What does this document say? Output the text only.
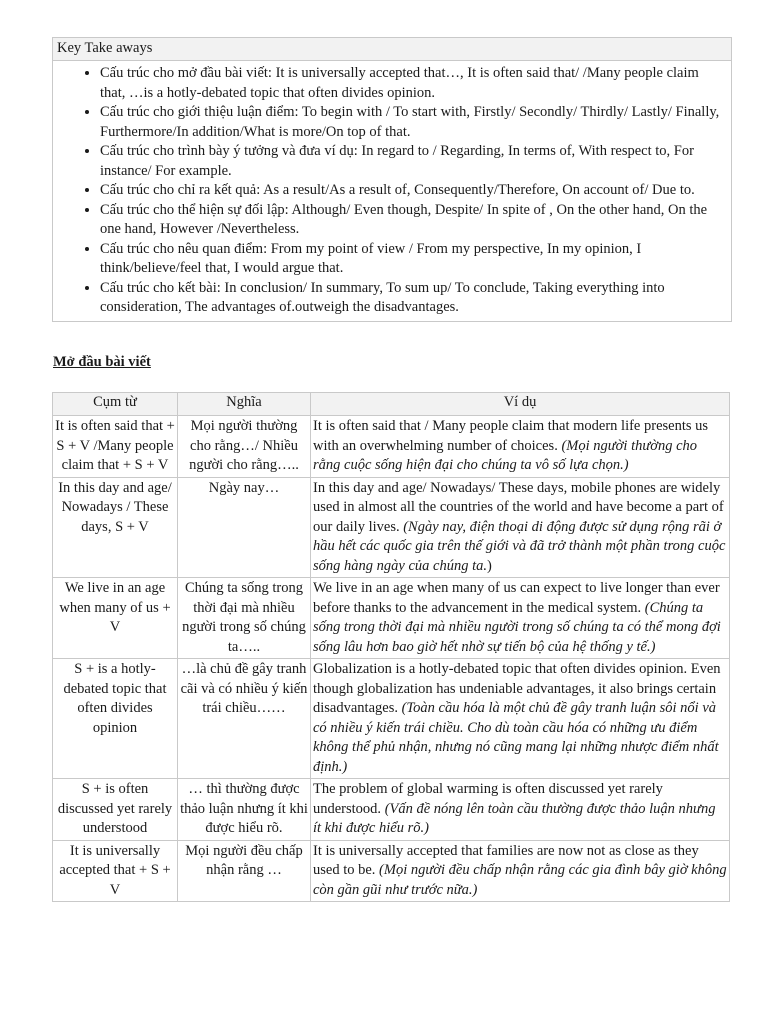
Key Take aways
• Cấu trúc cho mở đầu bài viết: It is universally accepted that…, It is often said that/ /Many people claim that, …is a hotly-debated topic that often divides opinion.
• Cấu trúc cho giới thiệu luận điểm: To begin with / To start with, Firstly/ Secondly/ Thirdly/ Lastly/ Finally, Furthermore/In addition/What is more/On top of that.
• Cấu trúc cho trình bày ý tưởng và đưa ví dụ: In regard to / Regarding, In terms of, With respect to, For instance/ For example.
• Cấu trúc cho chỉ ra kết quả: As a result/As a result of, Consequently/Therefore, On account of/ Due to.
• Cấu trúc cho thể hiện sự đối lập: Although/ Even though, Despite/ In spite of , On the other hand, On the one hand, However /Nevertheless.
• Cấu trúc cho nêu quan điểm: From my point of view / From my perspective, In my opinion, I think/believe/feel that, I would argue that.
• Cấu trúc cho kết bài: In conclusion/ In summary, To sum up/ To conclude, Taking everything into consideration, The advantages of.outweigh the disadvantages.
Mở đầu bài viết
Cụm từ	Nghĩa	Ví dụ
It is often said that + S + V /Many people claim that + S + V	Mọi người thường cho rằng…/ Nhiều người cho rằng…..	It is often said that / Many people claim that modern life presents us with an overwhelming number of choices. (Mọi người thường cho rằng cuộc sống hiện đại cho chúng ta vô số lựa chọn.)
In this day and age/ Nowadays / These days, S + V	Ngày nay…	In this day and age/ Nowadays/ These days, mobile phones are widely used in almost all the countries of the world and have become a part of our daily lives. (Ngày nay, điện thoại di động được sử dụng rộng rãi ở hầu hết các quốc gia trên thế giới và đã trở thành một phần trong cuộc sống hàng ngày của chúng ta.)
We live in an age when many of us + V	Chúng ta sống trong thời đại mà nhiều người trong số chúng ta…..	We live in an age when many of us can expect to live longer than ever before thanks to the advancement in the medical system. (Chúng ta sống trong thời đại mà nhiều người trong số chúng ta có thể mong đợi sống lâu hơn bao giờ hết nhờ sự tiến bộ của hệ thống y tế.)
S + is a hotly-debated topic that often divides opinion	…là chủ đề gây tranh cãi và có nhiều ý kiến trái chiều……	Globalization is a hotly-debated topic that often divides opinion. Even though globalization has undeniable advantages, it also brings certain disadvantages. (Toàn cầu hóa là một chủ đề gây tranh luận sôi nổi và có nhiều ý kiến trái chiều. Cho dù toàn cầu hóa có những ưu điểm không thể phủ nhận, nhưng nó cũng mang lại những nhược điểm nhất định.)
S + is often discussed yet rarely understood	… thì thường được thảo luận nhưng ít khi được hiểu rõ.	The problem of global warming is often discussed yet rarely understood. (Vấn đề nóng lên toàn cầu thường được thảo luận nhưng ít khi được hiểu rõ.)
It is universally accepted that + S + V	Mọi người đều chấp nhận rằng …	It is universally accepted that families are now not as close as they used to be. (Mọi người đều chấp nhận rằng các gia đình bây giờ không còn gần gũi như trước nữa.)
